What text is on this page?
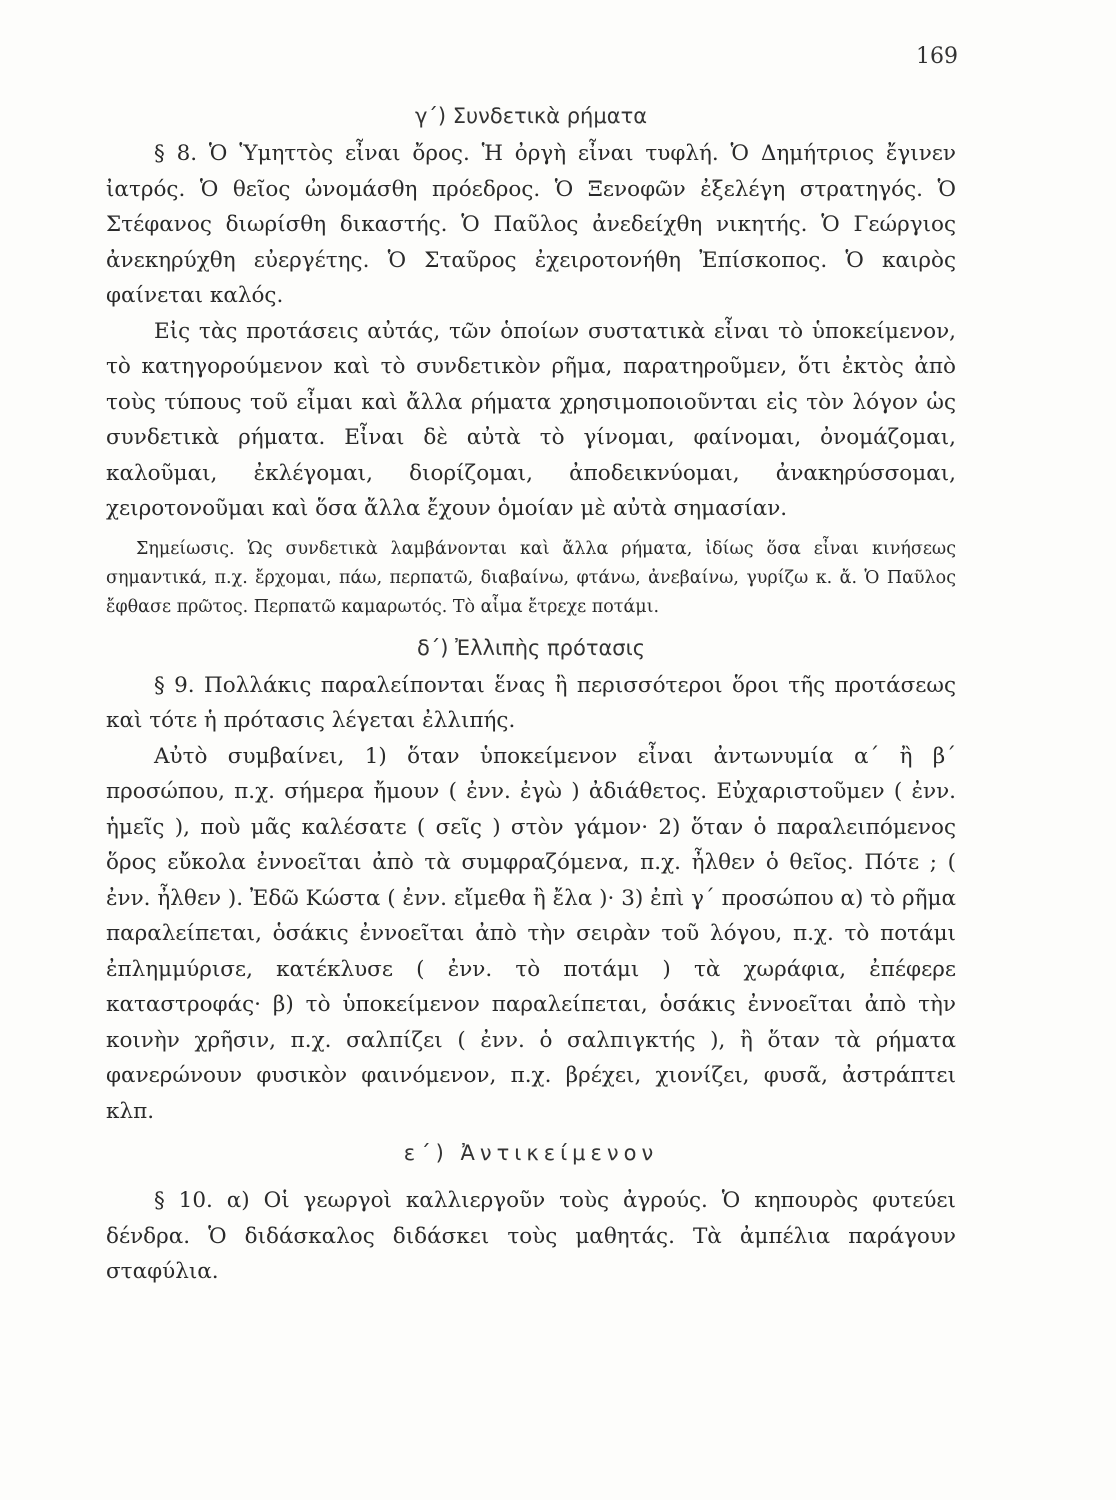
169
γ΄) Συνδετικὰ ρήματα

§ 8. Ὁ Ὑμηττὸς εἶναι ὄρος. Ἡ ὀργὴ εἶναι τυφλή. Ὁ Δημήτριος ἔγινεν ἰατρός. Ὁ θεῖος ὠνομάσθη πρόεδρος. Ὁ Ξενοφῶν ἐξελέγη στρατηγός. Ὁ Στέφανος διωρίσθη δικαστής. Ὁ Παῦλος ἀνεδείχθη νικητής. Ὁ Γεώργιος ἀνεκηρύχθη εὐεργέτης. Ὁ Σταῦρος ἐχειροτονήθη Ἐπίσκοπος. Ὁ καιρὸς φαίνεται καλός.

Εἰς τὰς προτάσεις αὐτάς, τῶν ὁποίων συστατικὰ εἶναι τὸ ὑποκείμενον, τὸ κατηγορούμενον καὶ τὸ συνδετικὸν ρῆμα, παρατηροῦμεν, ὅτι ἐκτὸς ἀπὸ τοὺς τύπους τοῦ εἶμαι καὶ ἄλλα ρήματα χρησιμοποιοῦνται εἰς τὸν λόγον ὡς συνδετικὰ ρήματα. Εἶναι δὲ αὐτὰ τὸ γίνομαι, φαίνομαι, ὀνομάζομαι, καλοῦμαι, ἐκλέγομαι, διορίζομαι, ἀποδεικνύομαι, ἀνακηρύσσομαι, χειροτονοῦμαι καὶ ὅσα ἄλλα ἔχουν ὁμοίαν μὲ αὐτὰ σημασίαν.

Σημείωσις. Ὡς συνδετικὰ λαμβάνονται καὶ ἄλλα ρήματα, ἰδίως ὅσα εἶναι κινήσεως σημαντικά, π.χ. ἔρχομαι, πάω, περπατῶ, διαβαίνω, φτάνω, ἀνεβαίνω, γυρίζω κ. ἄ. Ὁ Παῦλος ἔφθασε πρῶτος. Περπατῶ καμαρωτός. Τὸ αἷμα ἔτρεχε ποτάμι.

δ΄) Ἐλλιπὴς πρότασις

§ 9. Πολλάκις παραλείπονται ἕνας ἢ περισσότεροι ὅροι τῆς προτάσεως καὶ τότε ἡ πρότασις λέγεται ἐλλιπής.

Αὐτὸ συμβαίνει, 1) ὅταν ὑποκείμενον εἶναι ἀντωνυμία α΄ ἢ β΄ προσώπου, π.χ. σήμερα ἤμουν ( ἐνν. ἐγὼ ) ἀδιάθετος. Εὐχαριστοῦμεν ( ἐνν. ἡμεῖς ), ποὺ μᾶς καλέσατε ( σεῖς ) στὸν γάμον· 2) ὅταν ὁ παραλειπόμενος ὅρος εὔκολα ἐννοεῖται ἀπὸ τὰ συμφραζόμενα, π.χ. ἦλθεν ὁ θεῖος. Πότε ; ( ἐνν. ἦλθεν ). Ἐδῶ Κώστα ( ἐνν. εἴμεθα ἢ ἔλα )· 3) ἐπὶ γ΄ προσώπου α) τὸ ρῆμα παραλείπεται, ὁσάκις ἐννοεῖται ἀπὸ τὴν σειρὰν τοῦ λόγου, π.χ. τὸ ποτάμι ἐπλημμύρισε, κατέκλυσε ( ἐνν. τὸ ποτάμι ) τὰ χωράφια, ἐπέφερε καταστροφάς· β) τὸ ὑποκείμενον παραλείπεται, ὁσάκις ἐννοεῖται ἀπὸ τὴν κοινὴν χρῆσιν, π.χ. σαλπίζει ( ἐνν. ὁ σαλπιγκτής ), ἢ ὅταν τὰ ρήματα φανερώνουν φυσικὸν φαινόμενον, π.χ. βρέχει, χιονίζει, φυσᾶ, ἀστράπτει κλπ.

ε΄) Ἀντικείμενον

§ 10. α) Οἱ γεωργοὶ καλλιεργοῦν τοὺς ἀγρούς. Ὁ κηπουρὸς φυτεύει δένδρα. Ὁ διδάσκαλος διδάσκει τοὺς μαθητάς. Τὰ ἀμπέλια παράγουν σταφύλια.
